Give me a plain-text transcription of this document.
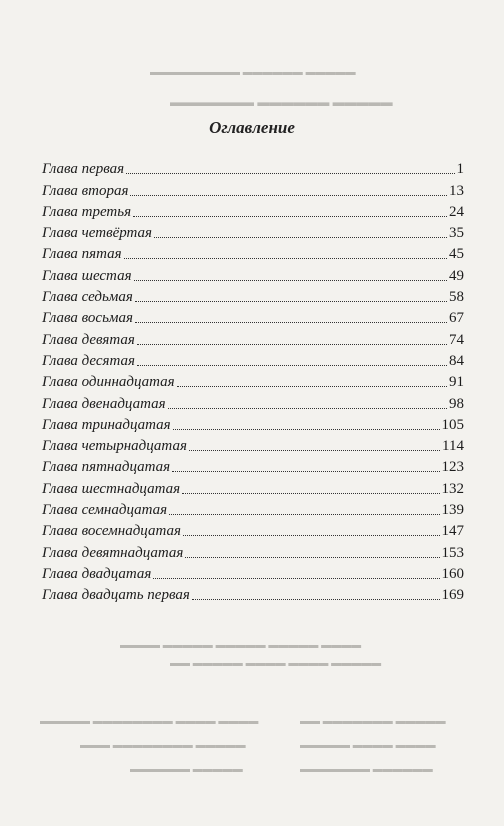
▬▬▬▬▬ ▬▬▬▬▬▬ ▬▬▬▬▬▬▬▬▬
▬▬▬▬▬ ▬▬▬▬▬▬ ▬▬▬▬▬▬▬
▬▬▬▬ ▬▬▬▬▬ ▬▬▬▬▬ ▬▬▬▬▬ ▬▬▬▬
▬▬▬▬▬ ▬▬▬▬ ▬▬▬▬ ▬▬▬▬▬ ▬▬
▬▬▬▬ ▬▬▬▬ ▬▬▬▬▬▬▬▬ ▬▬▬▬▬	▬▬▬▬▬ ▬▬▬▬▬▬▬ ▬▬
▬▬▬▬▬ ▬▬▬▬▬▬▬▬ ▬▬▬	▬▬▬▬ ▬▬▬▬ ▬▬▬▬▬
▬▬▬▬▬ ▬▬▬▬▬▬	▬▬▬▬▬▬ ▬▬▬▬▬▬▬
Оглавление
Глава первая	1
Глава вторая	13
Глава третья	24
Глава четвёртая	35
Глава пятая	45
Глава шестая	49
Глава седьмая	58
Глава восьмая	67
Глава девятая	74
Глава десятая	84
Глава одиннадцатая	91
Глава двенадцатая	98
Глава тринадцатая	105
Глава четырнадцатая	114
Глава пятнадцатая	123
Глава шестнадцатая	132
Глава семнадцатая	139
Глава восемнадцатая	147
Глава девятнадцатая	153
Глава двадцатая	160
Глава двадцать первая	169
